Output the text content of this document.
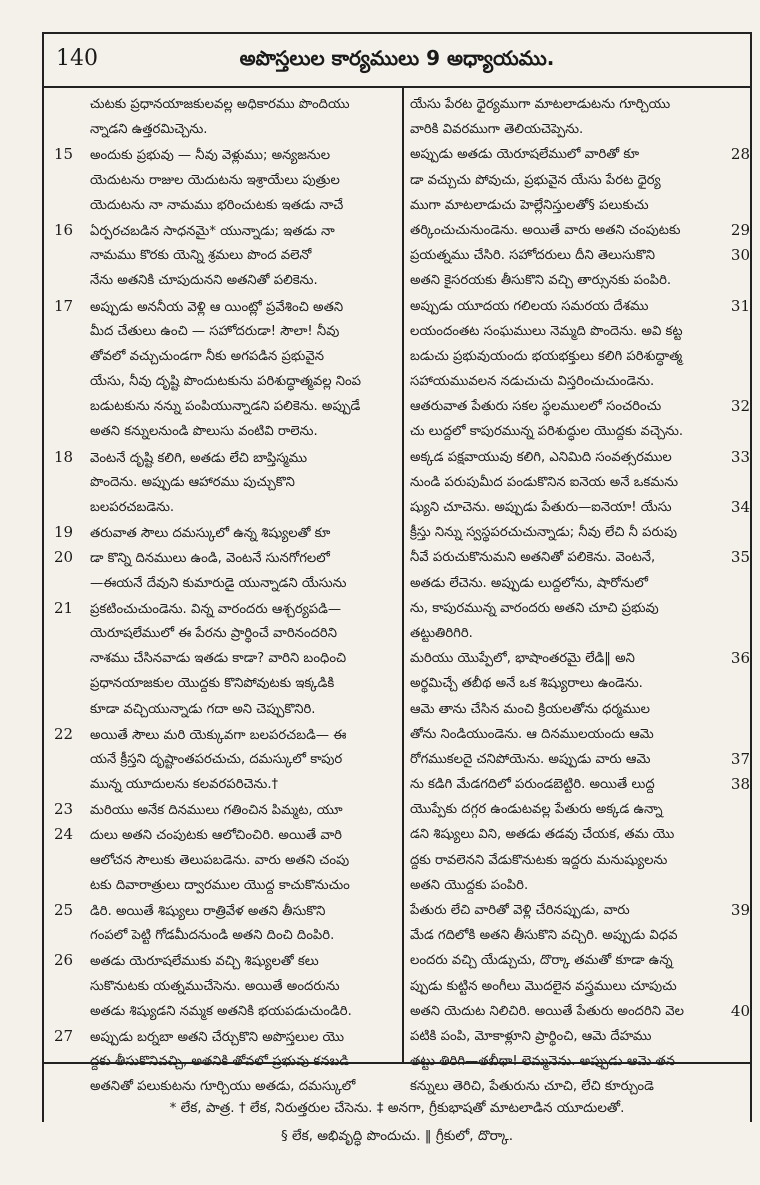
140	అపొస్తలుల కార్యములు 9 అధ్యాయము.
చుటకు ప్రధానయాజకులవల్ల అధికారము పొందియు
న్నాడని ఉత్తరమిచ్చెను.
15 అందుకు ప్రభువు — నీవు వెళ్లుము; అన్యజనుల
యెదుటను రాజుల యెదుటను ఇశ్రాయేలు పుత్రుల
యెదుటను నా నామము భరించుటకు ఇతడు నాచే
16 ఏర్పరచబడిన సాధనమై* యున్నాడు; ఇతడు నా
నామము కొరకు యెన్ని శ్రమలు పొంద వలెనో
నేను అతనికి చూపుదునని అతనితో పలికెను.
17 అప్పుడు అననీయ వెళ్లి ఆ యింట్లో ప్రవేశించి అతని
మీద చేతులు ఉంచి — సహోదరుడా! సౌలా! నీవు
తోవలో వచ్చుచుండగా నీకు అగపడిన ప్రభువైన
యేసు, నీవు దృష్టి పొందుటకును పరిశుద్ధాత్మవల్ల నింప
బడుటకును నన్ను పంపియున్నాడని పలికెను. అప్పుడే
అతని కన్నులనుండి పొలుసు వంటివి రాలెను.
18 వెంటనే దృష్టి కలిగి, అతడు లేచి బాప్తిస్మము
పొందెను. అప్పుడు ఆహారము పుచ్చుకొని
బలపరచబడెను.
19 తరువాత సౌలు దమస్కులో ఉన్న శిష్యులతో కూ
20 డా కొన్ని దినములు ఉండి, వెంటనే సునగోగలలో
—ఈయనే దేవుని కుమారుడై యున్నాడని యేసును
21 ప్రకటించుచుండెను. విన్న వారందరు ఆశ్చర్యపడి—
యెరూషలేములో ఈ పేరను ప్రార్థించే వారినందరిని
నాశము చేసినవాడు ఇతడు కాడా? వారిని బంధించి
ప్రధానయాజకుల యొద్దకు కొనిపోవుటకు ఇక్కడికి
కూడా వచ్చియున్నాడు గదా అని చెప్పుకొనిరి.
22 అయితే సౌలు మరి యెక్కువగా బలపరచబడి— ఈ
యనే క్రీస్తని దృష్టాంతపరచుచు, దమస్కులో కాపుర
మున్న యూదులను కలవరపరిచెను.†
23 మరియు అనేక దినములు గతించిన పిమ్మట, యూ
24 దులు అతని చంపుటకు ఆలోచించిరి. అయితే వారి
ఆలోచన సౌలుకు తెలుపబడెను. వారు అతని చంపు
టకు దివారాత్రులు ద్వారముల యొద్ద కాచుకొనుచుం
25 డిరి. అయితే శిష్యులు రాత్రివేళ అతని తీసుకొని
గంపలో పెట్టి గోడమీదనుండి అతని దించి దింపిరి.
26 అతడు యెరూషలేముకు వచ్చి శిష్యులతో కలు
సుకొనుటకు యత్నముచేసెను. అయితే అందరును
అతడు శిష్యుడని నమ్మక అతనికి భయపడుచుండిరి.
27 అప్పుడు బర్నబా అతని చేర్చుకొని అపొస్తలుల యొ
అతనితో పలుకుటను గూర్చియు అతడు, దమస్కులో
యేసు పేరట ధైర్యముగా మాటలాడుటను గూర్చియు
వారికి వివరముగా తెలియచెప్పెను.
28
అప్పుడు అతడు యెరూషలేములో వారితో కూ
డా వచ్చుచు పోవుచు, ప్రభువైన యేసు పేరట ధైర్య
ముగా మాటలాడుచు హెల్లేనిస్తులతో§ పలుకుచు
29
తర్కించుచునుండెను. అయితే వారు అతని చంపుటకు
30
ప్రయత్నము చేసిరి. సహోదరులు దీని తెలుసుకొని
అతని కైసరయకు తీసుకొని వచ్చి తార్సునకు పంపిరి.
31
అప్పుడు యూదయ గలిలయ సమరయ దేశము
లయందంతట సంఘములు నెమ్మది పొందెను. అవి కట్ట
బడుచు ప్రభువుయందు భయభక్తులు కలిగి పరిశుద్ధాత్మ
సహాయమువలన నడుచుచు విస్తరించుచుండెను.
32
ఆతరువాత పేతురు సకల స్థలములలో సంచరించు
చు లుద్దలో కాపురమున్న పరిశుద్ధుల యొద్దకు వచ్చెను.
33
అక్కడ పక్షవాయువు కలిగి, ఎనిమిది సంవత్సరముల
నుండి పరుపుమీద పండుకొనిన ఐనెయ అనే ఒకమను
34
ష్యుని చూచెను. అప్పుడు పేతురు—ఐనెయా! యేసు
క్రీస్తు నిన్ను స్వస్థపరచుచున్నాడు; నీవు లేచి నీ పరుపు
35
నీవే పరుచుకొనుమని అతనితో పలికెను. వెంటనే,
అతడు లేచెను. అప్పుడు లుద్దలోను, షారోనులో
ను, కాపురమున్న వారందరు అతని చూచి ప్రభువు
తట్టుతిరిగిరి.
36
మరియు యొప్పేలో, భాషాంతరమై లేడి‖ అని
అర్థమిచ్చే తబీథ అనే ఒక శిష్యురాలు ఉండెను.
ఆమె తాను చేసిన మంచి క్రియలతోను ధర్మముల
తోను నిండియుండెను. ఆ దినములయందు ఆమె
37
రోగముకలదై చనిపోయెను. అప్పుడు వారు ఆమె
38
ను కడిగి మేడగదిలో పరుండబెట్టిరి. అయితే లుద్ద
యొప్పేకు దగ్గర ఉండుటవల్ల పేతురు అక్కడ ఉన్నా
డని శిష్యులు విని, అతడు తడవు చేయక, తమ యొ
ద్దకు రావలెనని వేడుకొనుటకు ఇద్దరు మనుష్యులను
అతని యొద్దకు పంపిరి.
39
పేతురు లేచి వారితో వెళ్లి చేరినప్పుడు, వారు
మేడ గదిలోకి అతని తీసుకొని వచ్చిరి. అప్పుడు విధవ
లందరు వచ్చి యేడ్చుచు, దొర్కా తమతో కూడా ఉన్న
ప్పుడు కుట్టిన అంగీలు మొదలైన వస్త్రములు చూపుచు
40
అతని యెదుట నిలిచిరి. అయితే పేతురు అందరిని వెల
పటికి పంపి, మోకాళ్లూని ప్రార్థించి, ఆమె దేహము
కన్నులు తెరిచి, పేతురును చూచి, లేచి కూర్చుండె
* లేక, పాత్ర. † లేక, నిరుత్తరుల చేసెను. ‡ అనగా, గ్రీకుభాషతో మాటలాడిన యూదులతో.
§ లేక, అభివృద్ధి పొందుచు. ‖ గ్రీకులో, దొర్కా.
